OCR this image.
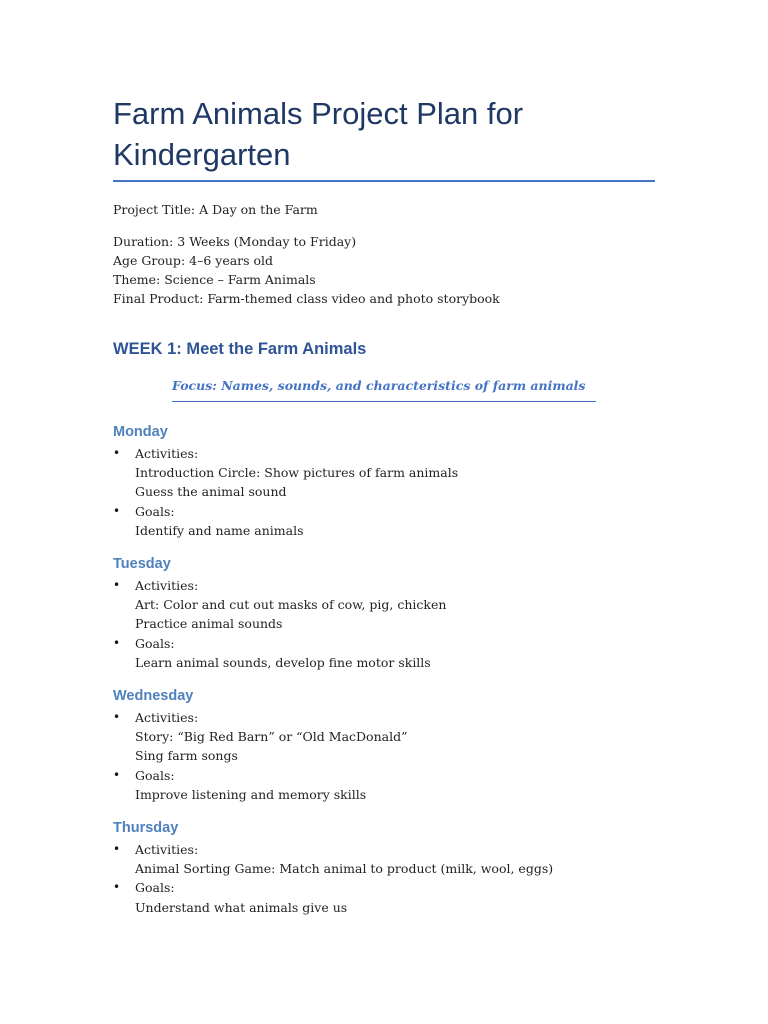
Farm Animals Project Plan for Kindergarten

Project Title: A Day on the Farm

Duration: 3 Weeks (Monday to Friday)
Age Group: 4–6 years old
Theme: Science – Farm Animals
Final Product: Farm-themed class video and photo storybook

WEEK 1: Meet the Farm Animals

Focus: Names, sounds, and characteristics of farm animals

Monday
• Activities:
Introduction Circle: Show pictures of farm animals
Guess the animal sound
• Goals:
Identify and name animals
Tuesday
• Activities:
Art: Color and cut out masks of cow, pig, chicken
Practice animal sounds
• Goals:
Learn animal sounds, develop fine motor skills
Wednesday
• Activities:
Story: “Big Red Barn” or “Old MacDonald”
Sing farm songs
• Goals:
Improve listening and memory skills
Thursday
• Activities:
Animal Sorting Game: Match animal to product (milk, wool, eggs)
• Goals:
Understand what animals give us
